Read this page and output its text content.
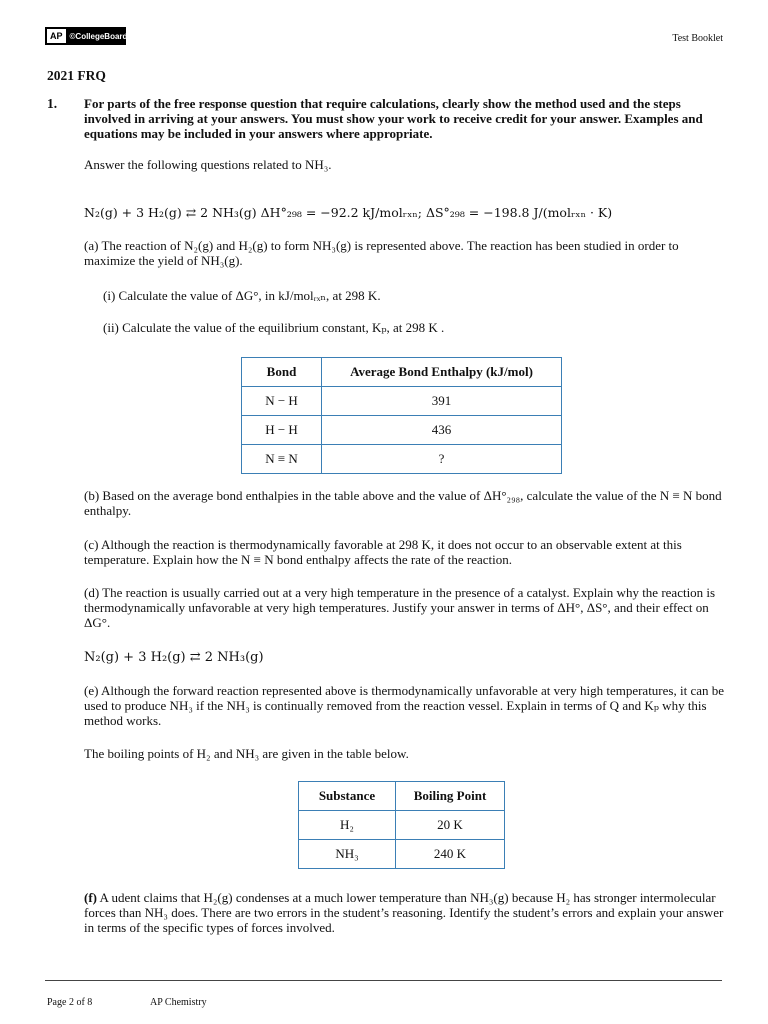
AP ©CollegeBoard	Test Booklet
2021 FRQ
1. For parts of the free response question that require calculations, clearly show the method used and the steps involved in arriving at your answers. You must show your work to receive credit for your answer. Examples and equations may be included in your answers where appropriate.
Answer the following questions related to NH₃.
N₂(g) + 3 H₂(g) ⇄ 2 NH₃(g) ΔH°₂₉₈ = −92.2 kJ/molᵣₓₙ; ΔS°₂₉₈ = −198.8 J/(molᵣₓₙ · K)
(a) The reaction of N₂(g) and H₂(g) to form NH₃(g) is represented above. The reaction has been studied in order to maximize the yield of NH₃(g).
(i) Calculate the value of ΔG°, in kJ/molᵣₓₙ, at 298 K.
(ii) Calculate the value of the equilibrium constant, Kₚ, at 298 K .
Bond	Average Bond Enthalpy (kJ/mol)
N − H	391
H − H	436
N ≡ N	?
(b) Based on the average bond enthalpies in the table above and the value of ΔH°₂₉₈, calculate the value of the N ≡ N bond enthalpy.
(c) Although the reaction is thermodynamically favorable at 298 K, it does not occur to an observable extent at this temperature. Explain how the N ≡ N bond enthalpy affects the rate of the reaction.
(d) The reaction is usually carried out at a very high temperature in the presence of a catalyst. Explain why the reaction is thermodynamically unfavorable at very high temperatures. Justify your answer in terms of ΔH°, ΔS°, and their effect on ΔG°.
N₂(g) + 3 H₂(g) ⇄ 2 NH₃(g)
(e) Although the forward reaction represented above is thermodynamically unfavorable at very high temperatures, it can be used to produce NH₃ if the NH₃ is continually removed from the reaction vessel. Explain in terms of Q and Kₚ why this method works.
The boiling points of H₂ and NH₃ are given in the table below.
Substance	Boiling Point
H₂	20 K
NH₃	240 K
(f) A udent claims that H₂(g) condenses at a much lower temperature than NH₃(g) because H₂ has stronger intermolecular forces than NH₃ does. There are two errors in the student’s reasoning. Identify the student’s errors and explain your answer in terms of the specific types of forces involved.
Page 2 of 8	AP Chemistry
